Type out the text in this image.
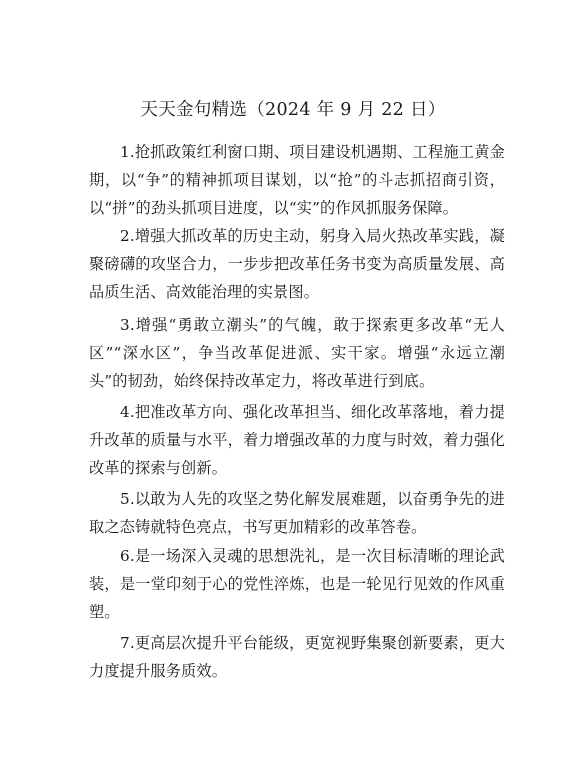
天天金句精选（2024 年 9 月 22 日）

1.抢抓政策红利窗口期、项目建设机遇期、工程施工黄金期，以“争”的精神抓项目谋划，以“抢”的斗志抓招商引资，以“拼”的劲头抓项目进度，以“实”的作风抓服务保障。

2.增强大抓改革的历史主动，躬身入局火热改革实践，凝聚磅礴的攻坚合力，一步步把改革任务书变为高质量发展、高品质生活、高效能治理的实景图。

3.增强“勇敢立潮头”的气魄，敢于探索更多改革“无人区”“深水区”，争当改革促进派、实干家。增强“永远立潮头”的韧劲，始终保持改革定力，将改革进行到底。

4.把准改革方向、强化改革担当、细化改革落地，着力提升改革的质量与水平，着力增强改革的力度与时效，着力强化改革的探索与创新。

5.以敢为人先的攻坚之势化解发展难题，以奋勇争先的进取之态铸就特色亮点，书写更加精彩的改革答卷。

6.是一场深入灵魂的思想洗礼，是一次目标清晰的理论武装，是一堂印刻于心的党性淬炼，也是一轮见行见效的作风重塑。

7.更高层次提升平台能级，更宽视野集聚创新要素，更大力度提升服务质效。
